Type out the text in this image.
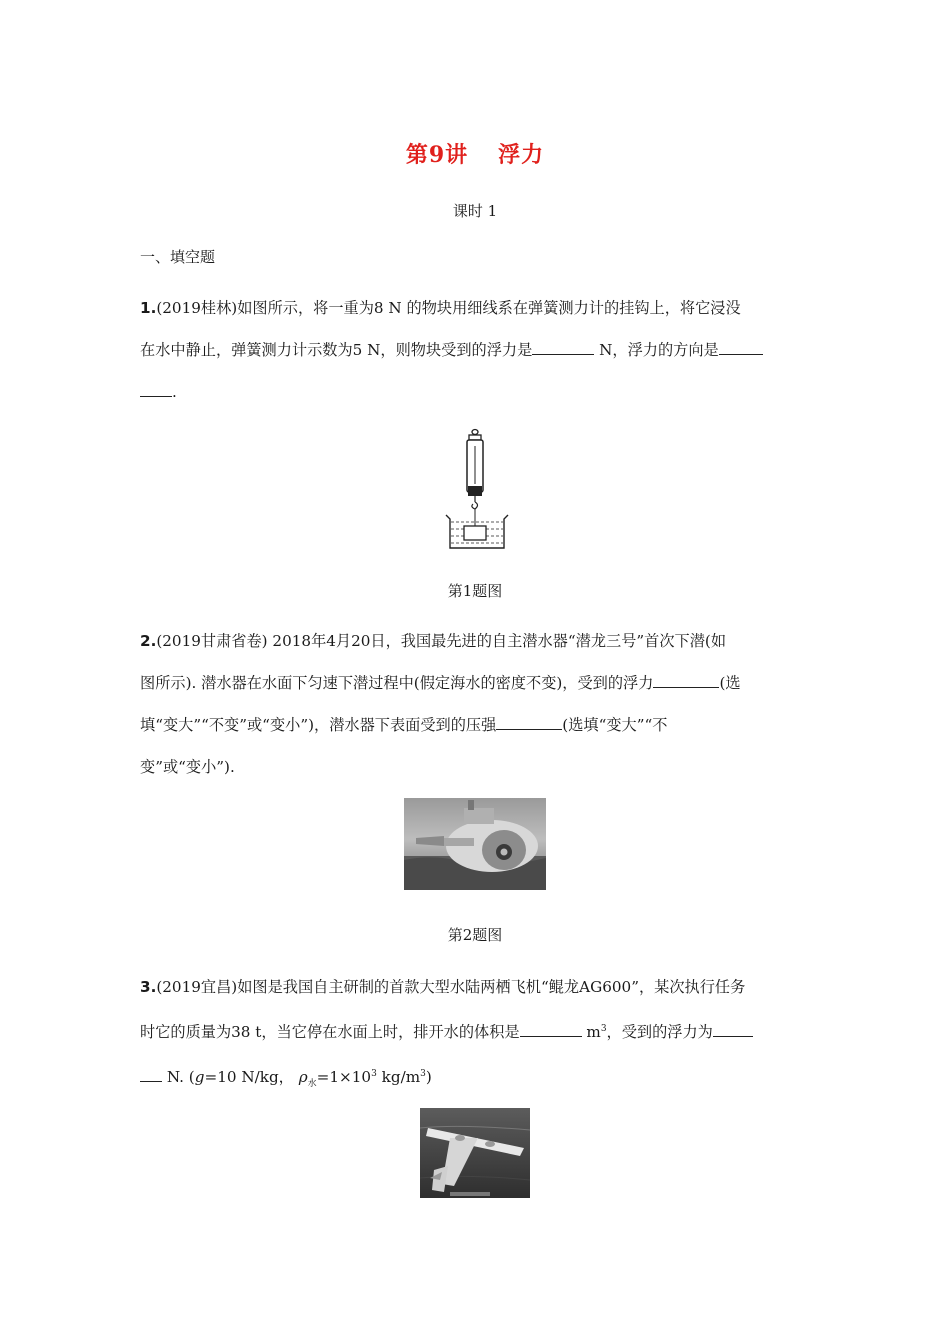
第9讲 浮力
课时 1
一、填空题
1.(2019桂林)如图所示，将一重为8 N 的物块用细线系在弹簧测力计的挂钩上，将它浸没
在水中静止，弹簧测力计示数为5 N，则物块受到的浮力是	N，浮力的方向是
.
第1题图
2.(2019甘肃省卷) 2018年4月20日，我国最先进的自主潜水器“潜龙三号”首次下潜(如
图所示). 潜水器在水面下匀速下潜过程中(假定海水的密度不变)，受到的浮力	(选
填“变大”“不变”或“变小”)，潜水器下表面受到的压强	(选填“变大”“不
变”或“变小”).
第2题图
3.(2019宜昌)如图是我国自主研制的首款大型水陆两栖飞机“鲲龙AG600”，某次执行任务
时它的质量为38 t，当它停在水面上时，排开水的体积是	$m^3$，受到的浮力为
N. (g=10 N/kg， $\rho_水=1\times 10^3$ $kg/m^3$)
